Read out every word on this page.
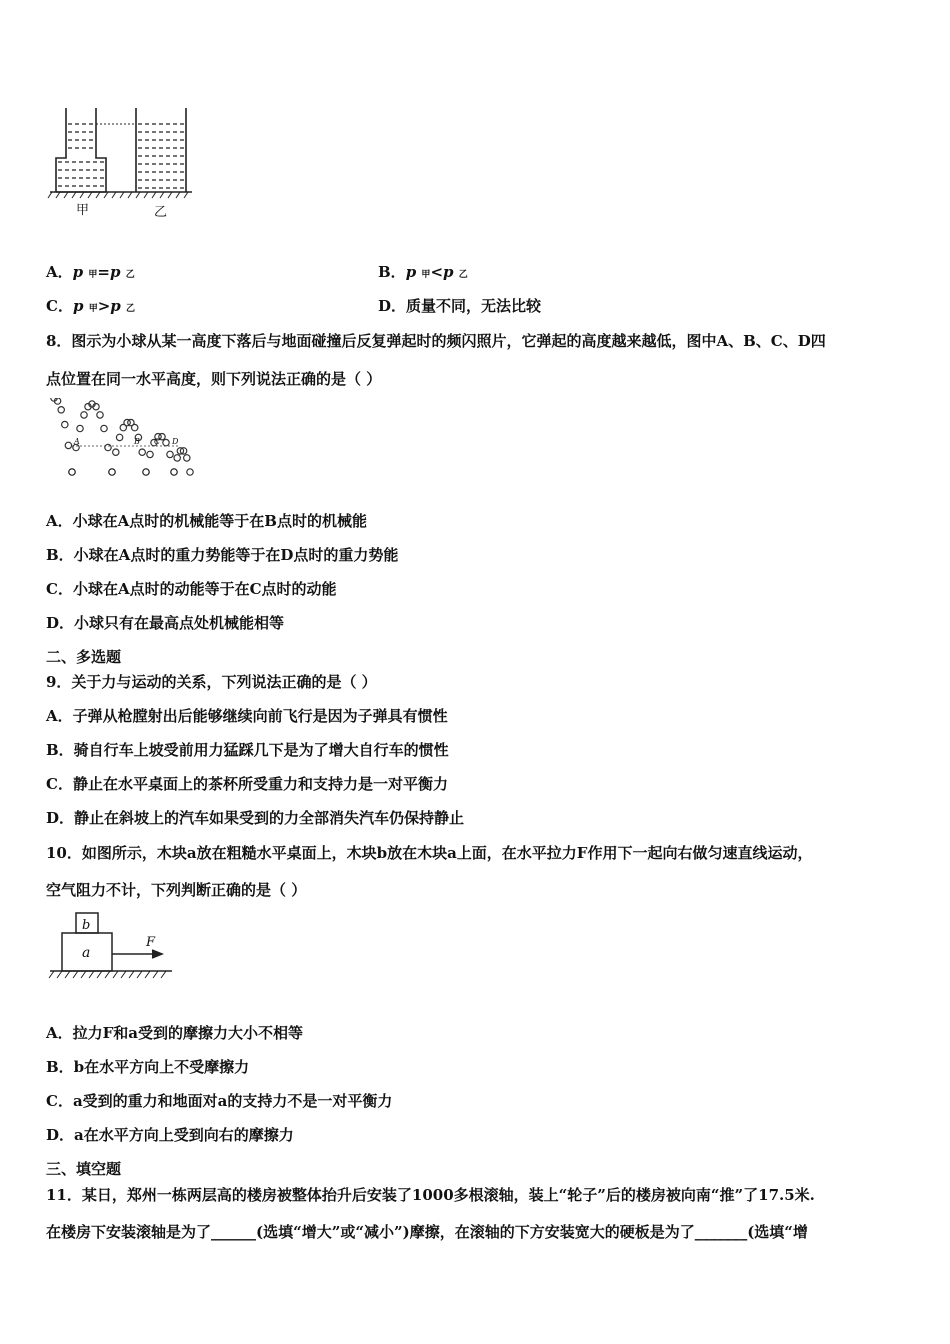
甲	乙
A．p 甲=p 乙	B．p 甲<p 乙
C．p 甲>p 乙	D．质量不同，无法比较
8．图示为小球从某一高度下落后与地面碰撞后反复弹起时的频闪照片，它弹起的高度越来越低，图中A、B、C、D四
点位置在同一水平高度，则下列说法正确的是（ ）
A	B C D
A．小球在A点时的机械能等于在B点时的机械能
B．小球在A点时的重力势能等于在D点时的重力势能
C．小球在A点时的动能等于在C点时的动能
D．小球只有在最高点处机械能相等
二、多选题
9．关于力与运动的关系，下列说法正确的是（ ）
A．子弹从枪膛射出后能够继续向前飞行是因为子弹具有惯性
B．骑自行车上坡受前用力猛踩几下是为了增大自行车的惯性
C．静止在水平桌面上的茶杯所受重力和支持力是一对平衡力
D．静止在斜坡上的汽车如果受到的力全部消失汽车仍保持静止
10．如图所示，木块a放在粗糙水平桌面上，木块b放在木块a上面，在水平拉力F作用下一起向右做匀速直线运动，
空气阻力不计，下列判断正确的是（ ）
b
a
F
A．拉力F和a受到的摩擦力大小不相等
B．b在水平方向上不受摩擦力
C．a受到的重力和地面对a的支持力不是一对平衡力
D．a在水平方向上受到向右的摩擦力
三、填空题
11．某日，郑州一栋两层高的楼房被整体抬升后安装了1000多根滚轴，装上“轮子”后的楼房被向南“推”了17.5米.
在楼房下安装滚轴是为了______(选填“增大”或“减小”)摩擦，在滚轴的下方安装宽大的硬板是为了_______(选填“增
